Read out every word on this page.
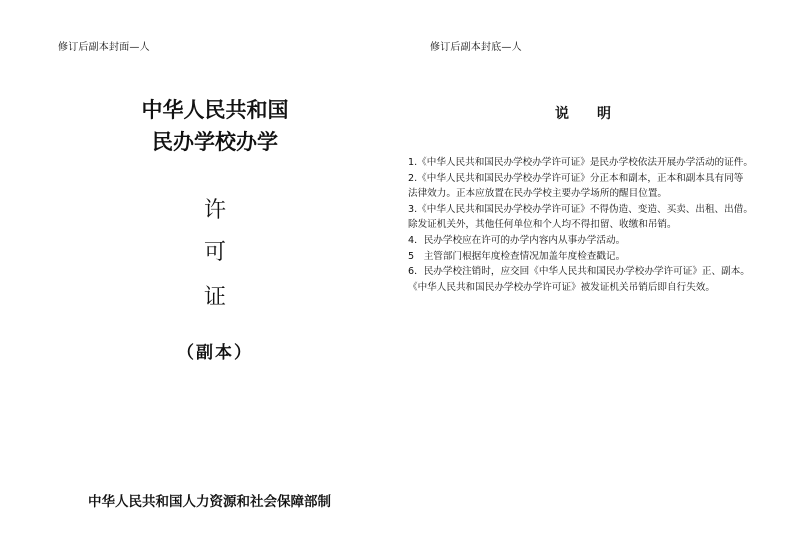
修订后副本封面—人
中华人民共和国
民办学校办学
许
可
证
（副本）
中华人民共和国人力资源和社会保障部制
修订后副本封底—人
说明
1.《中华人民共和国民办学校办学许可证》是民办学校依法开展办学活动的证件。
2.《中华人民共和国民办学校办学许可证》分正本和副本，正本和副本具有同等
法律效力。正本应放置在民办学校主要办学场所的醒目位置。
3.《中华人民共和国民办学校办学许可证》不得伪造、变造、买卖、出租、出借。
除发证机关外，其他任何单位和个人均不得扣留、收缴和吊销。
4．民办学校应在许可的办学内容内从事办学活动。
5　主管部门根据年度检查情况加盖年度检查戳记。
6．民办学校注销时，应交回《中华人民共和国民办学校办学许可证》正、副本。
《中华人民共和国民办学校办学许可证》被发证机关吊销后即自行失效。
